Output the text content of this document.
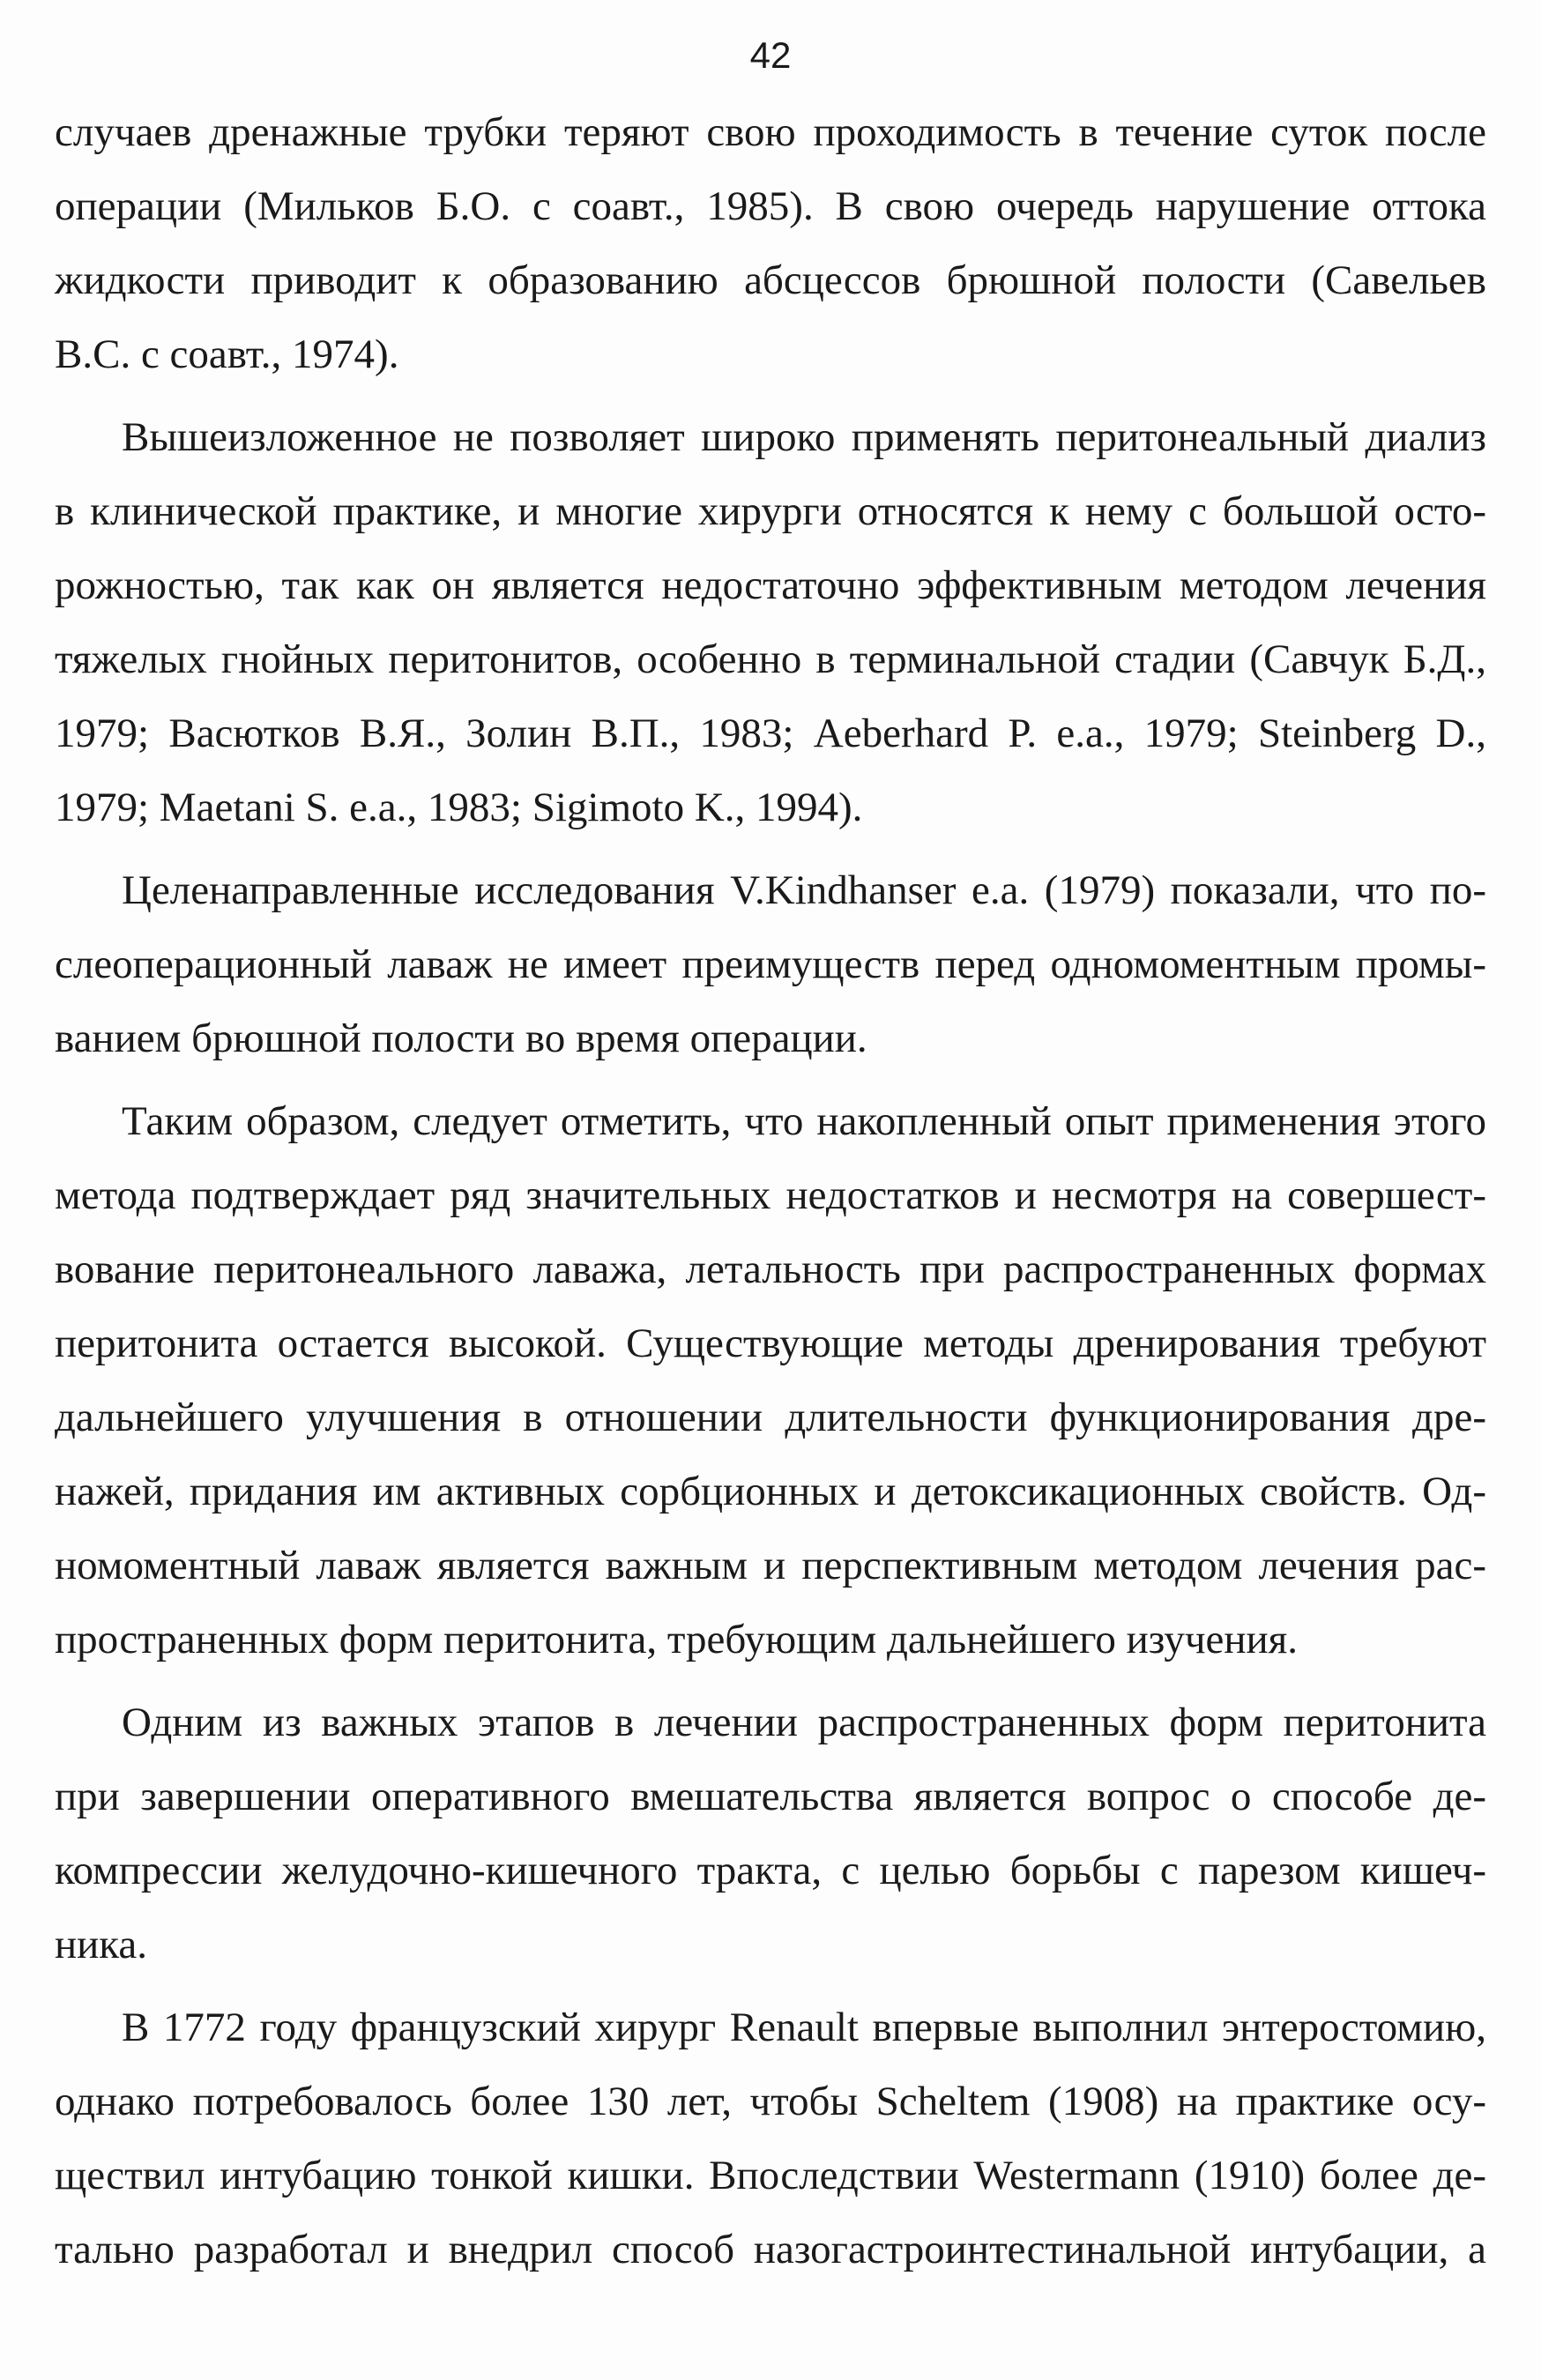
42

случаев дренажные трубки теряют свою проходимость в течение суток после
операции (Мильков Б.О. с соавт., 1985). В свою очередь нарушение оттока
жидкости приводит к образованию абсцессов брюшной полости (Савельев
В.С. с соавт., 1974).

Вышеизложенное не позволяет широко применять перитонеальный диализ
в клинической практике, и многие хирурги относятся к нему с большой осто-
рожностью, так как он является недостаточно эффективным методом лечения
тяжелых гнойных перитонитов, особенно в терминальной стадии (Савчук Б.Д.,
1979; Васютков В.Я., Золин В.П., 1983; Aeberhard P. e.a., 1979; Steinberg D.,
1979; Maetani S. e.a., 1983; Sigimoto K., 1994).

Целенаправленные исследования V.Kindhanser e.a. (1979) показали, что по-
слеоперационный лаваж не имеет преимуществ перед одномоментным промы-
ванием брюшной полости во время операции.

Таким образом, следует отметить, что накопленный опыт применения этого
метода подтверждает ряд значительных недостатков и несмотря на совершест-
вование перитонеального лаважа, летальность при распространенных формах
перитонита остается высокой. Существующие методы дренирования требуют
дальнейшего улучшения в отношении длительности функционирования дре-
нажей, придания им активных сорбционных и детоксикационных свойств. Од-
номоментный лаваж является важным и перспективным методом лечения рас-
пространенных форм перитонита, требующим дальнейшего изучения.

Одним из важных этапов в лечении распространенных форм перитонита
при завершении оперативного вмешательства является вопрос о способе де-
компрессии желудочно-кишечного тракта, с целью борьбы с парезом кишеч-
ника.

В 1772 году французский хирург Renault впервые выполнил энтеростомию,
однако потребовалось более 130 лет, чтобы Scheltem (1908) на практике осу-
ществил интубацию тонкой кишки. Впоследствии Westermann (1910) более де-
тально разработал и внедрил способ назогастроинтестинальной интубации, а
